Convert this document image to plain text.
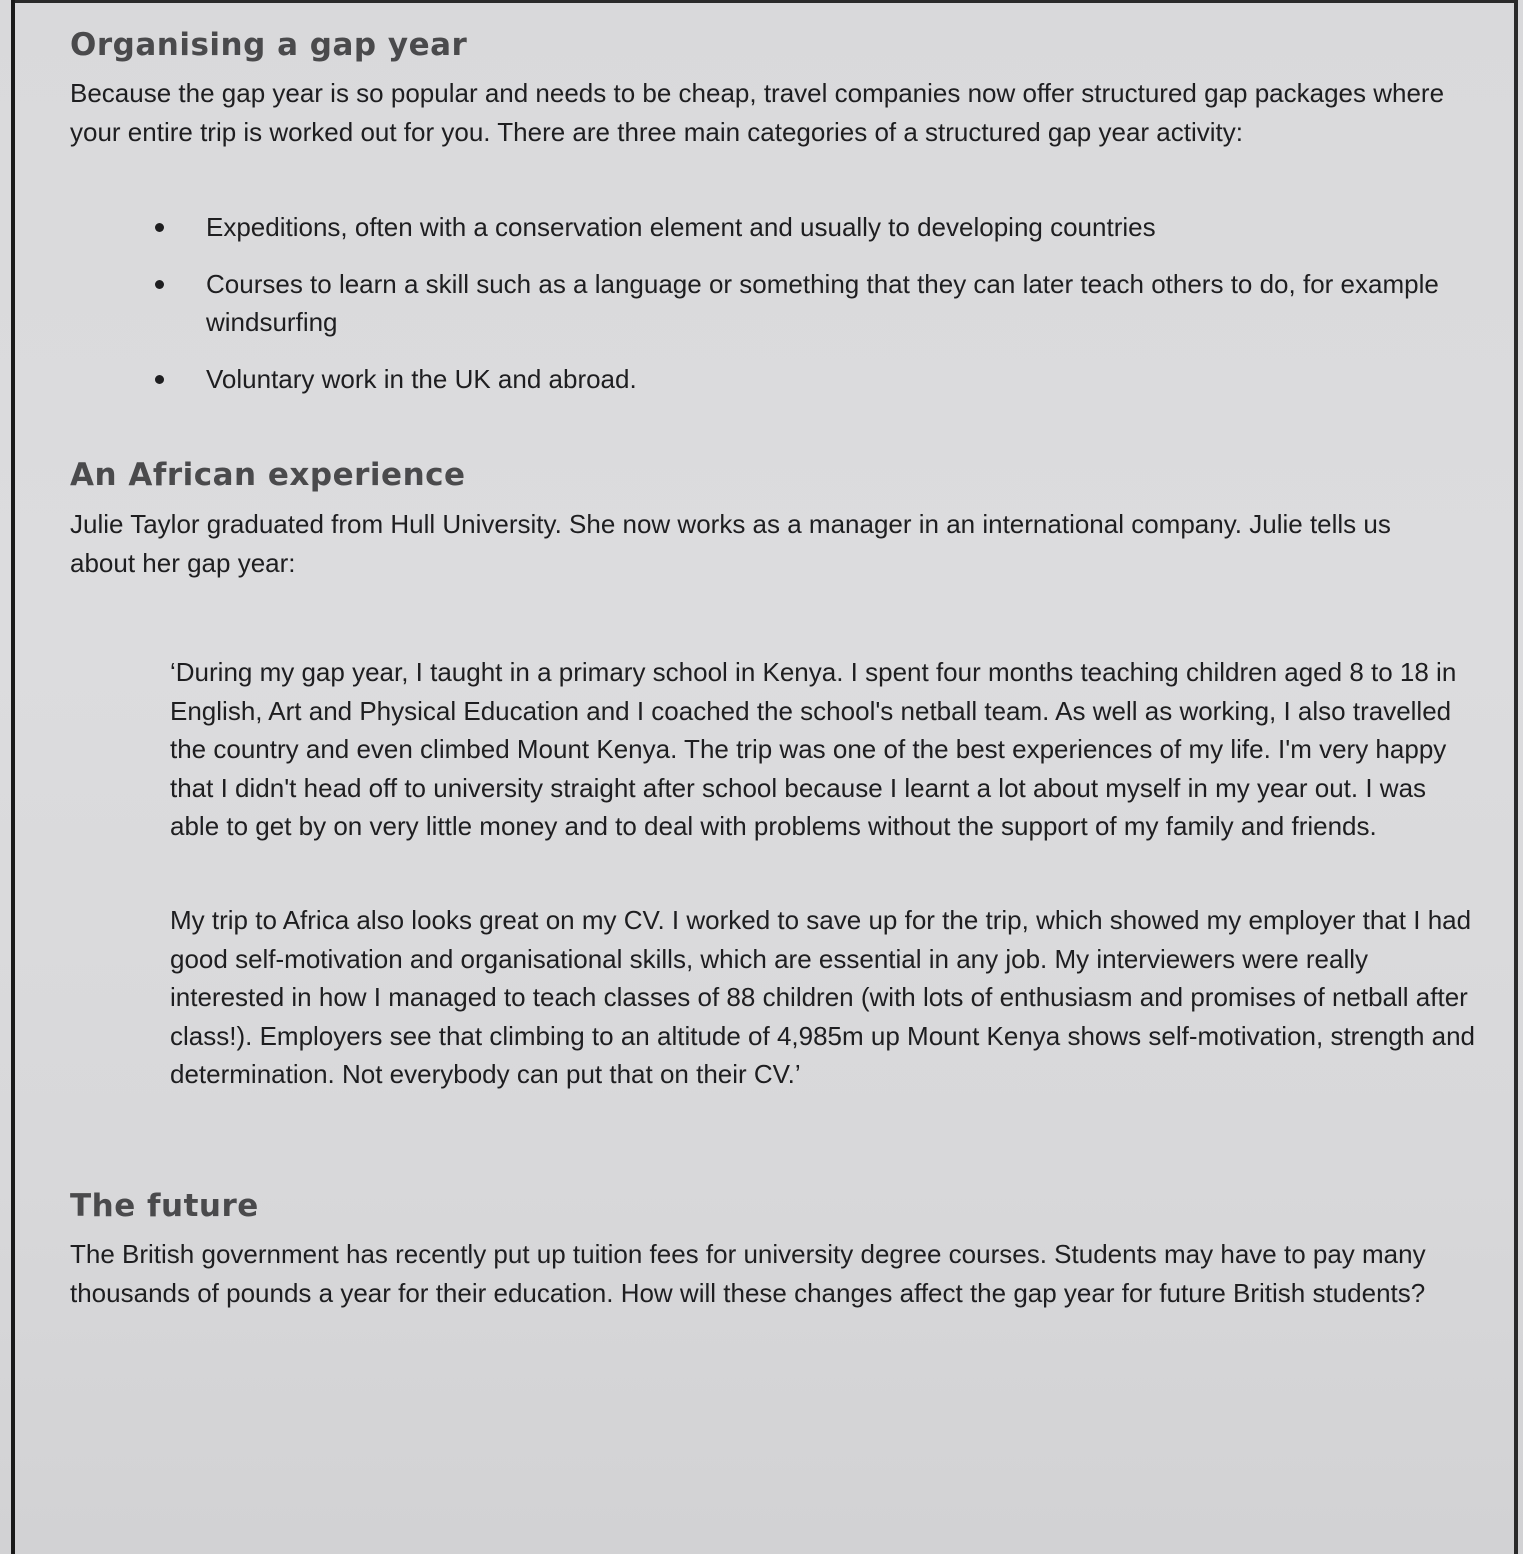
Organising a gap year

Because the gap year is so popular and needs to be cheap, travel companies now offer structured gap packages where your entire trip is worked out for you. There are three main categories of a structured gap year activity:

Expeditions, often with a conservation element and usually to developing countries
Courses to learn a skill such as a language or something that they can later teach others to do, for example windsurfing
Voluntary work in the UK and abroad.
An African experience

Julie Taylor graduated from Hull University. She now works as a manager in an international company. Julie tells us about her gap year:

‘During my gap year, I taught in a primary school in Kenya. I spent four months teaching children aged 8 to 18 in English, Art and Physical Education and I coached the school's netball team. As well as working, I also travelled the country and even climbed Mount Kenya. The trip was one of the best experiences of my life. I'm very happy that I didn't head off to university straight after school because I learnt a lot about myself in my year out. I was able to get by on very little money and to deal with problems without the support of my family and friends.

My trip to Africa also looks great on my CV. I worked to save up for the trip, which showed my employer that I had good self-motivation and organisational skills, which are essential in any job. My interviewers were really interested in how I managed to teach classes of 88 children (with lots of enthusiasm and promises of netball after class!). Employers see that climbing to an altitude of 4,985m up Mount Kenya shows self-motivation, strength and determination. Not everybody can put that on their CV.’

The future

The British government has recently put up tuition fees for university degree courses. Students may have to pay many thousands of pounds a year for their education. How will these changes affect the gap year for future British students?
